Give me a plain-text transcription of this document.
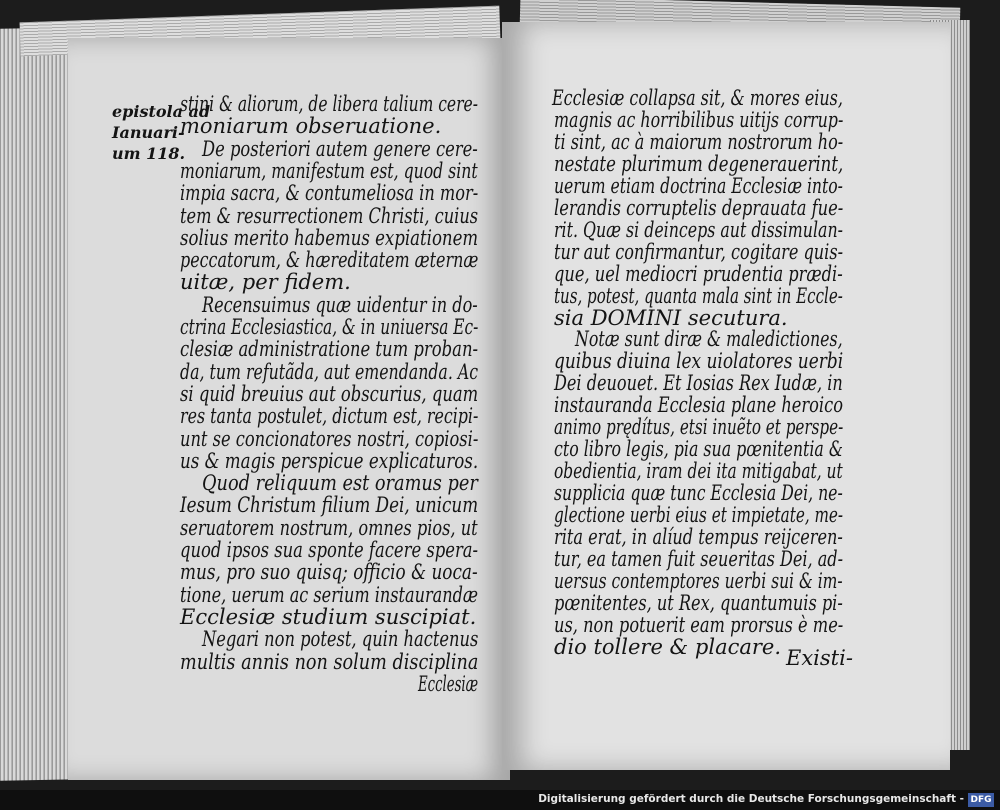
epistola ad
Ianuari-
um 118.
stini & aliorum, de libera talium cere-
moniarum obseruatione.
De posteriori autem genere cere-
moniarum, manifestum est, quod sint
impia sacra, & contumeliosa in mor-
tem & resurrectionem Christi, cuius
solius merito habemus expiationem
peccatorum, & hæreditatem æternæ
uitæ, per fidem.
Recensuimus quæ uidentur in do-
ctrina Ecclesiastica, & in uniuersa Ec-
clesiæ administratione tum proban-
da, tum refutãda, aut emendanda. Ac
si quid breuius aut obscurius, quam
res tanta postulet, dictum est, recipi-
unt se concionatores nostri, copiosi-
us & magis perspicue explicaturos.
Quod reliquum est oramus per
Iesum Christum filium Dei, unicum
seruatorem nostrum, omnes pios, ut
quod ipsos sua sponte facere spera-
mus, pro suo quisq; officio & uoca-
tione, uerum ac serium instaurandæ
Ecclesiæ studium suscipiat.
Negari non potest, quin hactenus
multis annis non solum disciplina
Ecclesiæ
Ecclesiæ collapsa sit, & mores eius,
magnis ac horribilibus uitijs corrup-
ti sint, ac à maiorum nostrorum ho-
nestate plurimum degenerauerint,
uerum etiam doctrina Ecclesiæ into-
lerandis corruptelis deprauata fue-
rit. Quæ si deinceps aut dissimulan-
tur aut confirmantur, cogitare quis-
que, uel mediocri prudentia prædi-
tus, potest, quanta mala sint in Eccle-
sia DOMINI secutura.
Notæ sunt diræ & maledictiones,
quibus diuina lex uiolatores uerbi
Dei deuouet. Et Iosias Rex Iudæ, in
instauranda Ecclesia plane heroico
animo prędítus, etsi inuẽto et perspe-
cto libro legis, pia sua pœnitentia &
obedientia, iram dei ita mitigabat, ut
supplicia quæ tunc Ecclesia Dei, ne-
glectione uerbi eius et impietate, me-
rita erat, in alíud tempus reijceren-
tur, ea tamen fuit seueritas Dei, ad-
uersus contemptores uerbi sui & im-
pœnitentes, ut Rex, quantumuis pi-
us, non potuerit eam prorsus è me-
dio tollere & placare. Existi-
Digitalisierung gefördert durch die Deutsche Forschungsgemeinschaft - DFG
